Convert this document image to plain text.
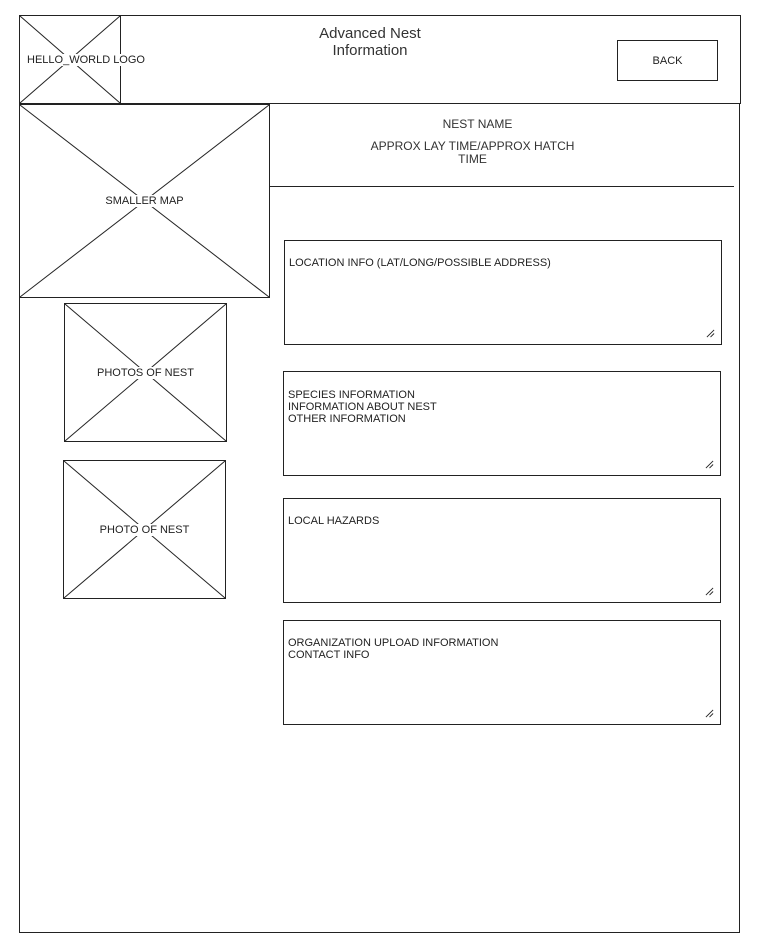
HELLO_WORLD LOGO
Advanced Nest
Information
BACK
SMALLER MAP
PHOTOS OF NEST
PHOTO OF NEST
NEST NAME
APPROX LAY TIME/APPROX HATCH
TIME

LOCATION INFO (LAT/LONG/POSSIBLE ADDRESS)

SPECIES INFORMATION
INFORMATION ABOUT NEST
OTHER INFORMATION

LOCAL HAZARDS

ORGANIZATION UPLOAD INFORMATION
CONTACT INFO
